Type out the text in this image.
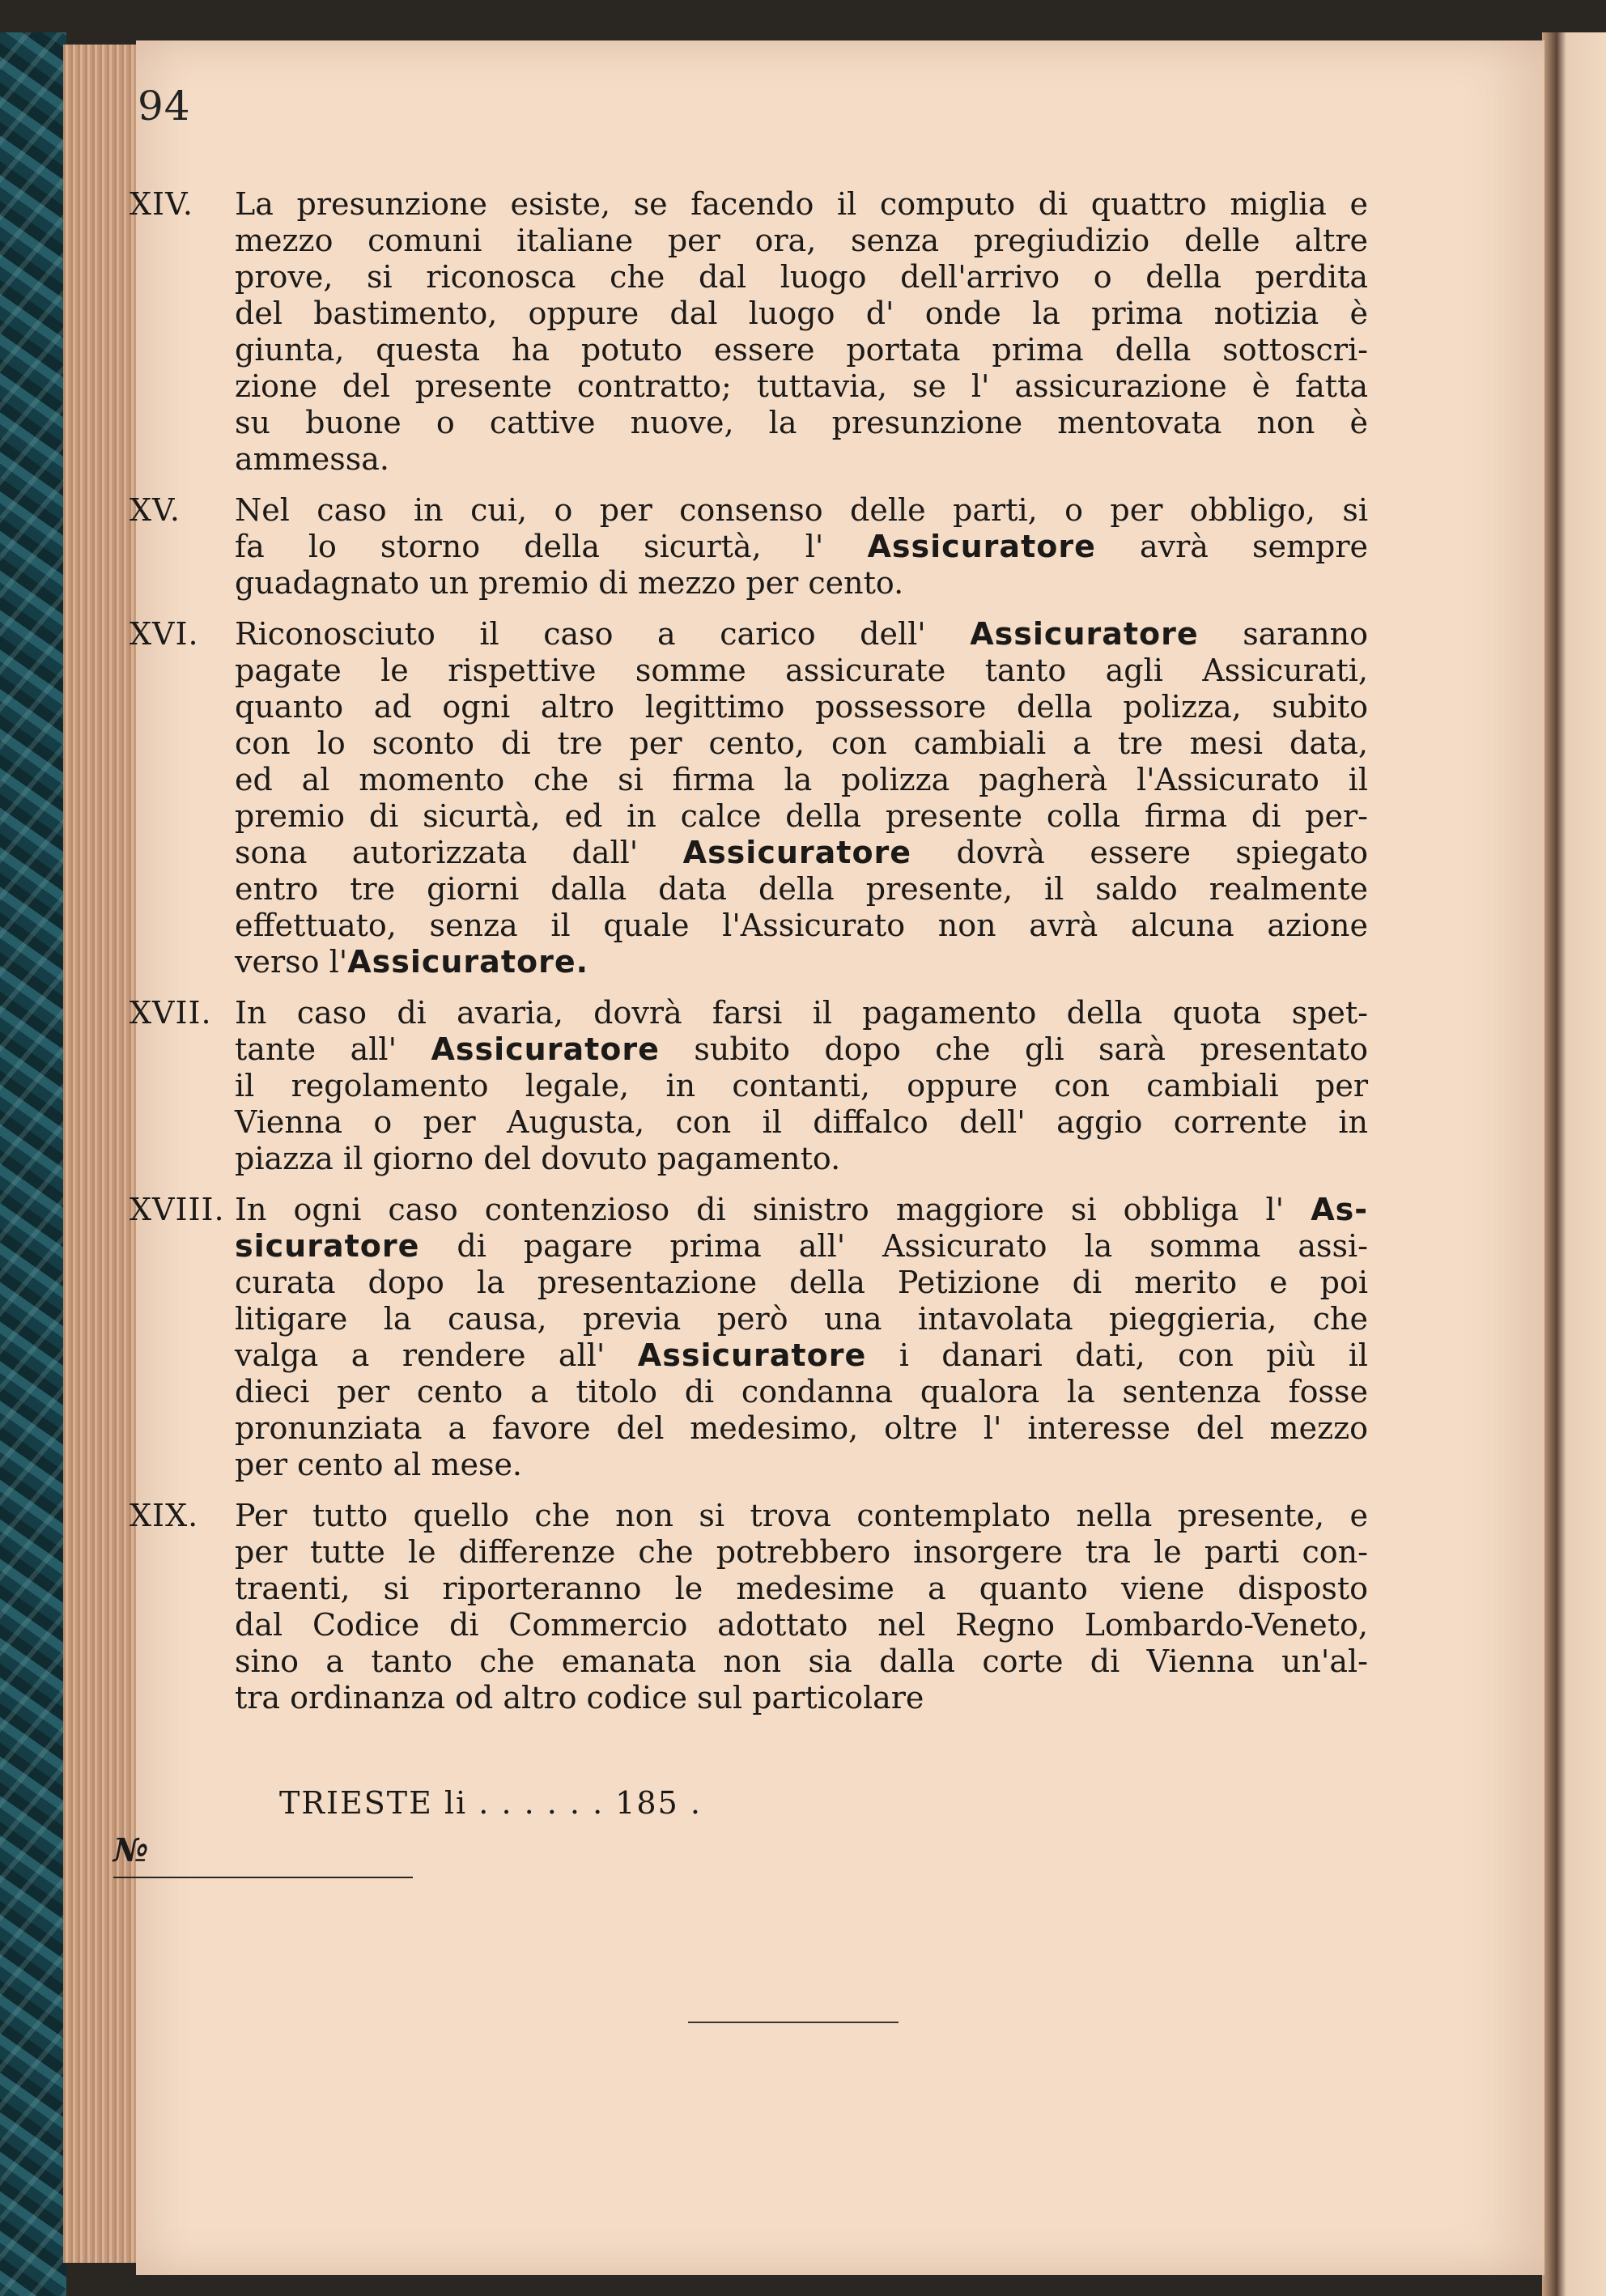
94
XIV. La presunzione esiste, se facendo il computo di quattro miglia e
mezzo comuni italiane per ora, senza pregiudizio delle altre
prove, si riconosca che dal luogo dell'arrivo o della perdita
del bastimento, oppure dal luogo d' onde la prima notizia è
giunta, questa ha potuto essere portata prima della sottoscri-
zione del presente contratto; tuttavia, se l' assicurazione è fatta
su buone o cattive nuove, la presunzione mentovata non è
ammessa.
XV. Nel caso in cui, o per consenso delle parti, o per obbligo, si
fa lo storno della sicurtà, l' Assicuratore avrà sempre
guadagnato un premio di mezzo per cento.
XVI. Riconosciuto il caso a carico dell' Assicuratore saranno
pagate le rispettive somme assicurate tanto agli Assicurati,
quanto ad ogni altro legittimo possessore della polizza, subito
con lo sconto di tre per cento, con cambiali a tre mesi data,
ed al momento che si firma la polizza pagherà l'Assicurato il
premio di sicurtà, ed in calce della presente colla firma di per-
sona autorizzata dall' Assicuratore dovrà essere spiegato
entro tre giorni dalla data della presente, il saldo realmente
effettuato, senza il quale l'Assicurato non avrà alcuna azione
verso l'Assicuratore.
XVII. In caso di avaria, dovrà farsi il pagamento della quota spet-
tante all' Assicuratore subito dopo che gli sarà presentato
il regolamento legale, in contanti, oppure con cambiali per
Vienna o per Augusta, con il diffalco dell' aggio corrente in
piazza il giorno del dovuto pagamento.
XVIII. In ogni caso contenzioso di sinistro maggiore si obbliga l' As-
sicuratore di pagare prima all' Assicurato la somma assi-
curata dopo la presentazione della Petizione di merito e poi
litigare la causa, previa però una intavolata pieggieria, che
valga a rendere all' Assicuratore i danari dati, con più il
dieci per cento a titolo di condanna qualora la sentenza fosse
pronunziata a favore del medesimo, oltre l' interesse del mezzo
per cento al mese.
XIX. Per tutto quello che non si trova contemplato nella presente, e
per tutte le differenze che potrebbero insorgere tra le parti con-
traenti, si riporteranno le medesime a quanto viene disposto
dal Codice di Commercio adottato nel Regno Lombardo-Veneto,
sino a tanto che emanata non sia dalla corte di Vienna un'al-
tra ordinanza od altro codice sul particolare
TRIESTE li . . . . . . 185 .
№
